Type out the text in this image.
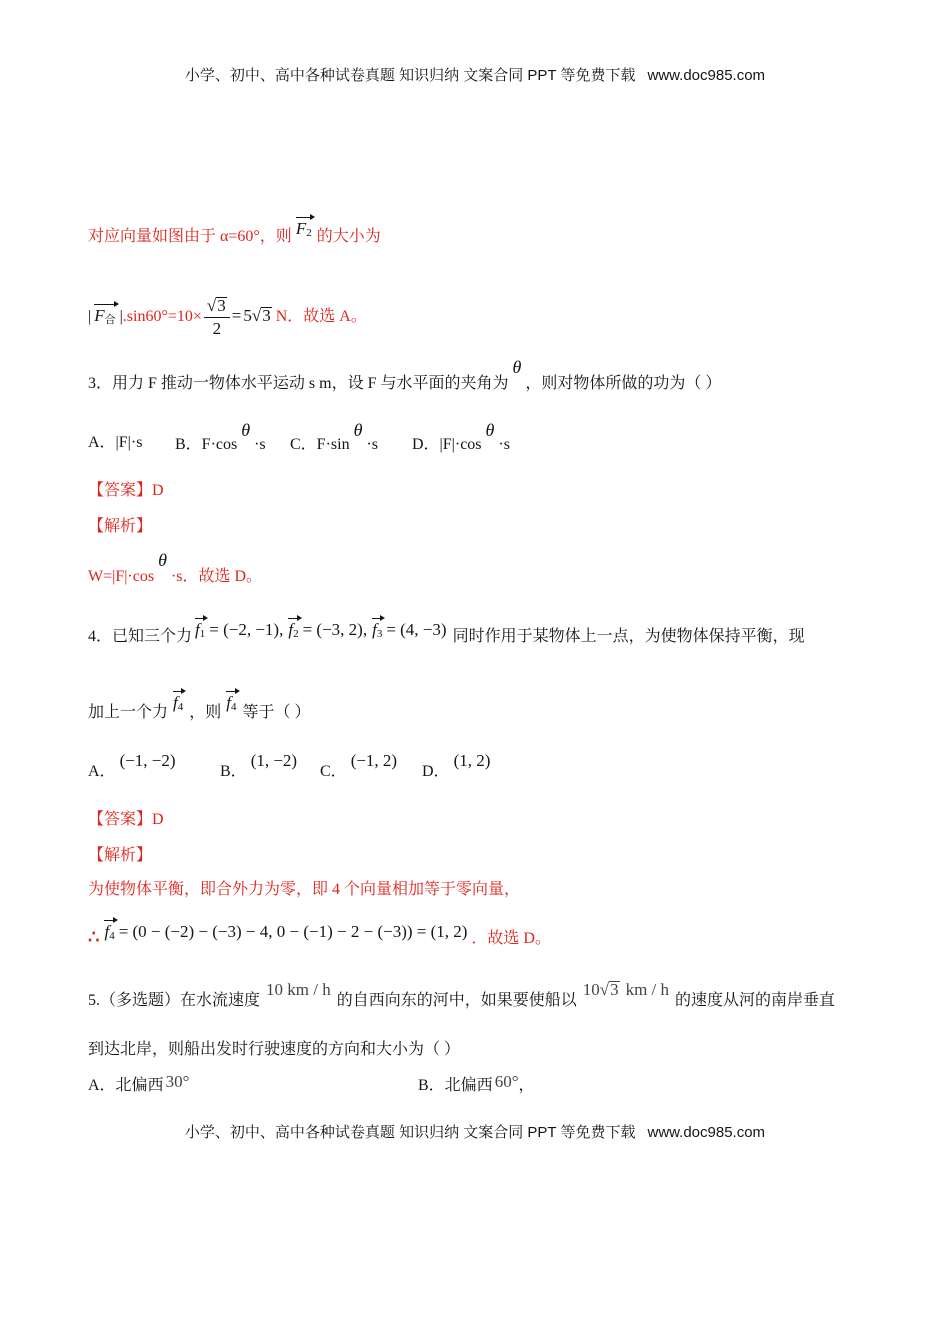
小学、初中、高中各种试卷真题 知识归纳 文案合同 PPT 等免费下载 www.doc985.com
对应向量如图由于 α=60°，则 $F_2$ 的大小为
| $F_合$ $|.\sin 60^\circ=10\times \frac{√3}{2} = 5√3$ N．故选 A。
3．用力 F 推动一物体水平运动 s m，设 F 与水平面的夹角为θ，则对物体所做的功为（ ）
A．|F|·s B．F·cosθ·s C．F·sinθ·s D．|F|·cosθ·s
【答案】D
【解析】
W=|F|·cosθ·s．故选 D。
4．已知三个力 $f_1 = (-2$, −1), $f_2 = (-3$, 2), $f_3 = (4$, −3) 同时作用于某物体上一点，为使物体保持平衡，现
加上一个力$f_4$ ，则$f_4$ 等于（ ）
A．(−1, −2)
B．(1, −2)
C．(−1, 2)
D．(1, 2)
【答案】D
【解析】
为使物体平衡，即合外力为零，即 4 个向量相加等于零向量，
∴ $f_4 = (0 - (-2) - (-3) - 4$, 0 − (−1) − 2 − (−3)) = (1, 2) ．故选 D。
5.（多选题）在水流速度10 km / h的自西向东的河中，如果要使船以10√3 km / h的速度从河的南岸垂直
到达北岸，则船出发时行驶速度的方向和大小为（ ）
A．北偏西 30°	B．北偏西 60°，
小学、初中、高中各种试卷真题 知识归纳 文案合同 PPT 等免费下载 www.doc985.com
